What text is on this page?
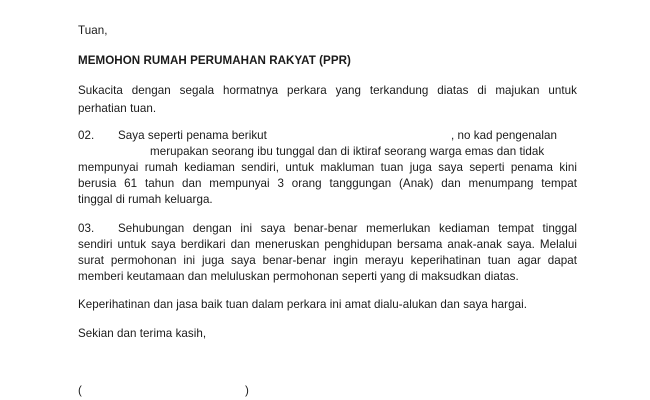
Tuan,
MEMOHON RUMAH PERUMAHAN RAKYAT (PPR)
Sukacita dengan segala hormatnya perkara yang terkandung diatas di majukan untuk
perhatian tuan.
02. Saya seperti penama berikut	, no kad pengenalan
merupakan seorang ibu tunggal dan di iktiraf seorang warga emas dan tidak
mempunyai rumah kediaman sendiri, untuk makluman tuan juga saya seperti penama kini
berusia 61 tahun dan mempunyai 3 orang tanggungan (Anak) dan menumpang tempat
tinggal di rumah keluarga.
03. Sehubungan dengan ini saya benar-benar memerlukan kediaman tempat tinggal
sendiri untuk saya berdikari dan meneruskan penghidupan bersama anak-anak saya. Melalui
surat permohonan ini juga saya benar-benar ingin merayu keperihatinan tuan agar dapat
memberi keutamaan dan meluluskan permohonan seperti yang di maksudkan diatas.
Keperihatinan dan jasa baik tuan dalam perkara ini amat dialu-alukan dan saya hargai.
Sekian dan terima kasih,
(	)
